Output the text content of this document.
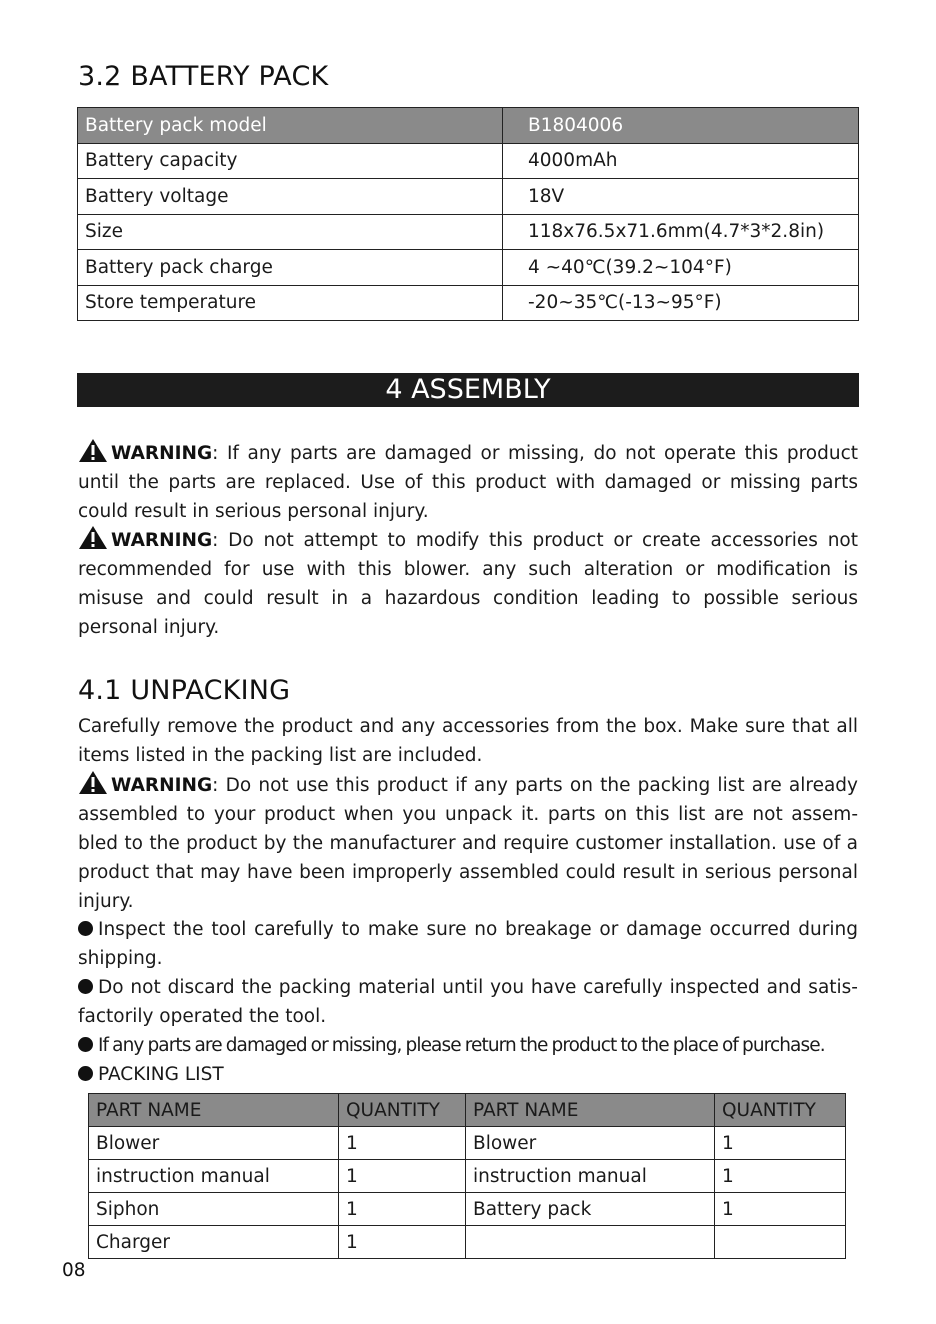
3.2 BATTERY PACK
Battery pack model	B1804006
Battery capacity	4000mAh
Battery voltage	18V
Size	118x76.5x71.6mm(4.7*3*2.8in)
Battery pack charge	4 ~40℃(39.2~104°F)
Store temperature	-20~35℃(-13~95°F)
4 ASSEMBLY

WARNING: If any parts are damaged or missing, do not operate this product until the parts are replaced. Use of this product with damaged or missing parts could result in serious personal injury.

WARNING: Do not attempt to modify this product or create accessories not recommended for use with this blower. any such alteration or modification is misuse and could result in a hazardous condition leading to possible serious personal injury.

4.1 UNPACKING

Carefully remove the product and any accessories from the box. Make sure that all items listed in the packing list are included.

WARNING: Do not use this product if any parts on the packing list are already assembled to your product when you unpack it. parts on this list are not assem-bled to the product by the manufacturer and require customer installation. use of a product that may have been improperly assembled could result in serious personal injury.

Inspect the tool carefully to make sure no breakage or damage occurred during shipping.

Do not discard the packing material until you have carefully inspected and satis-factorily operated the tool.

If any parts are damaged or missing, please return the product to the place of purchase.

PACKING LIST

PART NAME	QUANTITY	PART NAME	QUANTITY
Blower	1	Blower	1
instruction manual	1	instruction manual	1
Siphon	1	Battery pack	1
Charger	1		
08
